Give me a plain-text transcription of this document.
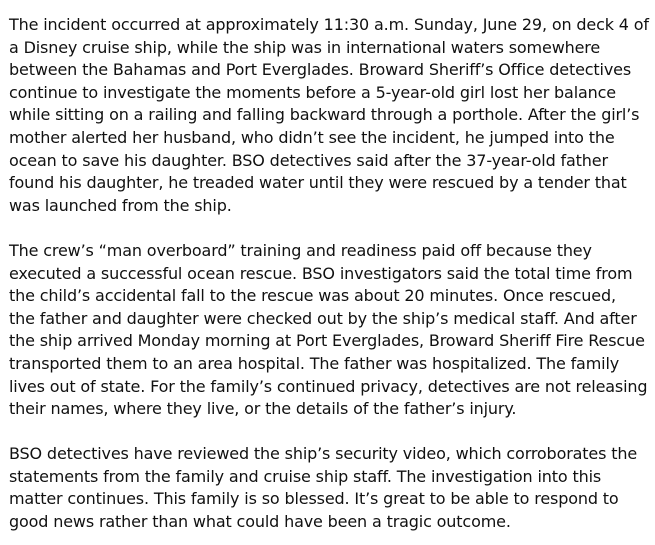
The incident occurred at approximately 11:30 a.m. Sunday, June 29, on deck 4 of
a Disney cruise ship, while the ship was in international waters somewhere
between the Bahamas and Port Everglades. Broward Sheriff’s Office detectives
continue to investigate the moments before a 5-year-old girl lost her balance
while sitting on a railing and falling backward through a porthole. After the girl’s
mother alerted her husband, who didn’t see the incident, he jumped into the
ocean to save his daughter. BSO detectives said after the 37-year-old father
found his daughter, he treaded water until they were rescued by a tender that
was launched from the ship.

The crew’s “man overboard” training and readiness paid off because they
executed a successful ocean rescue. BSO investigators said the total time from
the child’s accidental fall to the rescue was about 20 minutes. Once rescued,
the father and daughter were checked out by the ship’s medical staff. And after
the ship arrived Monday morning at Port Everglades, Broward Sheriff Fire Rescue
transported them to an area hospital. The father was hospitalized. The family
lives out of state. For the family’s continued privacy, detectives are not releasing
their names, where they live, or the details of the father’s injury.

BSO detectives have reviewed the ship’s security video, which corroborates the
statements from the family and cruise ship staff. The investigation into this
matter continues. This family is so blessed. It’s great to be able to respond to
good news rather than what could have been a tragic outcome.
